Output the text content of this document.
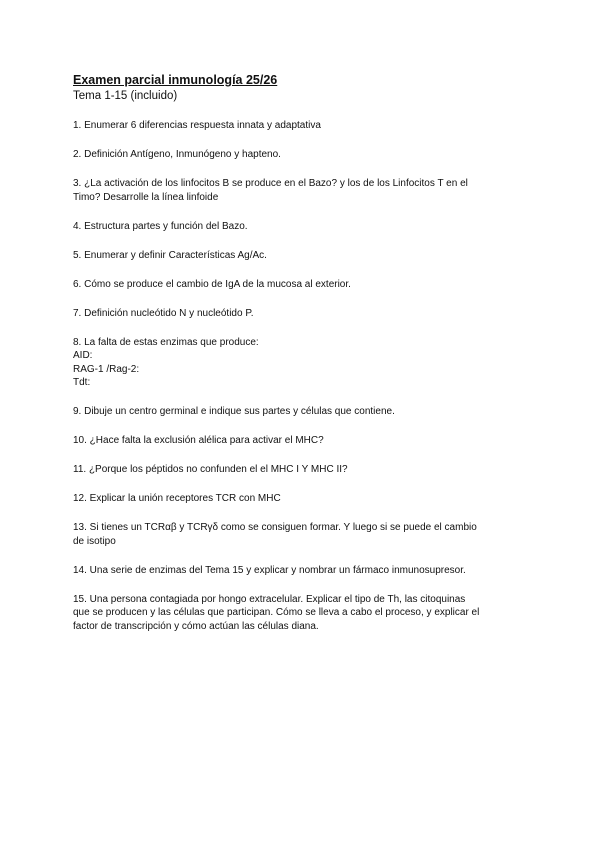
Examen parcial inmunología 25/26
Tema 1-15 (incluido)
1. Enumerar 6 diferencias respuesta innata y adaptativa
2. Definición Antígeno, Inmunógeno y hapteno.
3. ¿La activación de los linfocitos B se produce en el Bazo? y los de los Linfocitos T en el
Timo? Desarrolle la línea linfoide
4. Estructura partes y función del Bazo.
5. Enumerar y definir Características Ag/Ac.
6. Cómo se produce el cambio de IgA de la mucosa al exterior.
7. Definición nucleótido N y nucleótido P.
8. La falta de estas enzimas que produce:
AID:
RAG-1 /Rag-2:
Tdt:
9. Dibuje un centro germinal e indique sus partes y células que contiene.
10. ¿Hace falta la exclusión alélica para activar el MHC?
11. ¿Porque los péptidos no confunden el el MHC I Y MHC II?
12. Explicar la unión receptores TCR con MHC
13. Si tienes un TCRαβ y TCRγδ como se consiguen formar. Y luego si se puede el cambio
de isotipo
14. Una serie de enzimas del Tema 15 y explicar y nombrar un fármaco inmunosupresor.
15. Una persona contagiada por hongo extracelular. Explicar el tipo de Th, las citoquinas
que se producen y las células que participan. Cómo se lleva a cabo el proceso, y explicar el
factor de transcripción y cómo actúan las células diana.
